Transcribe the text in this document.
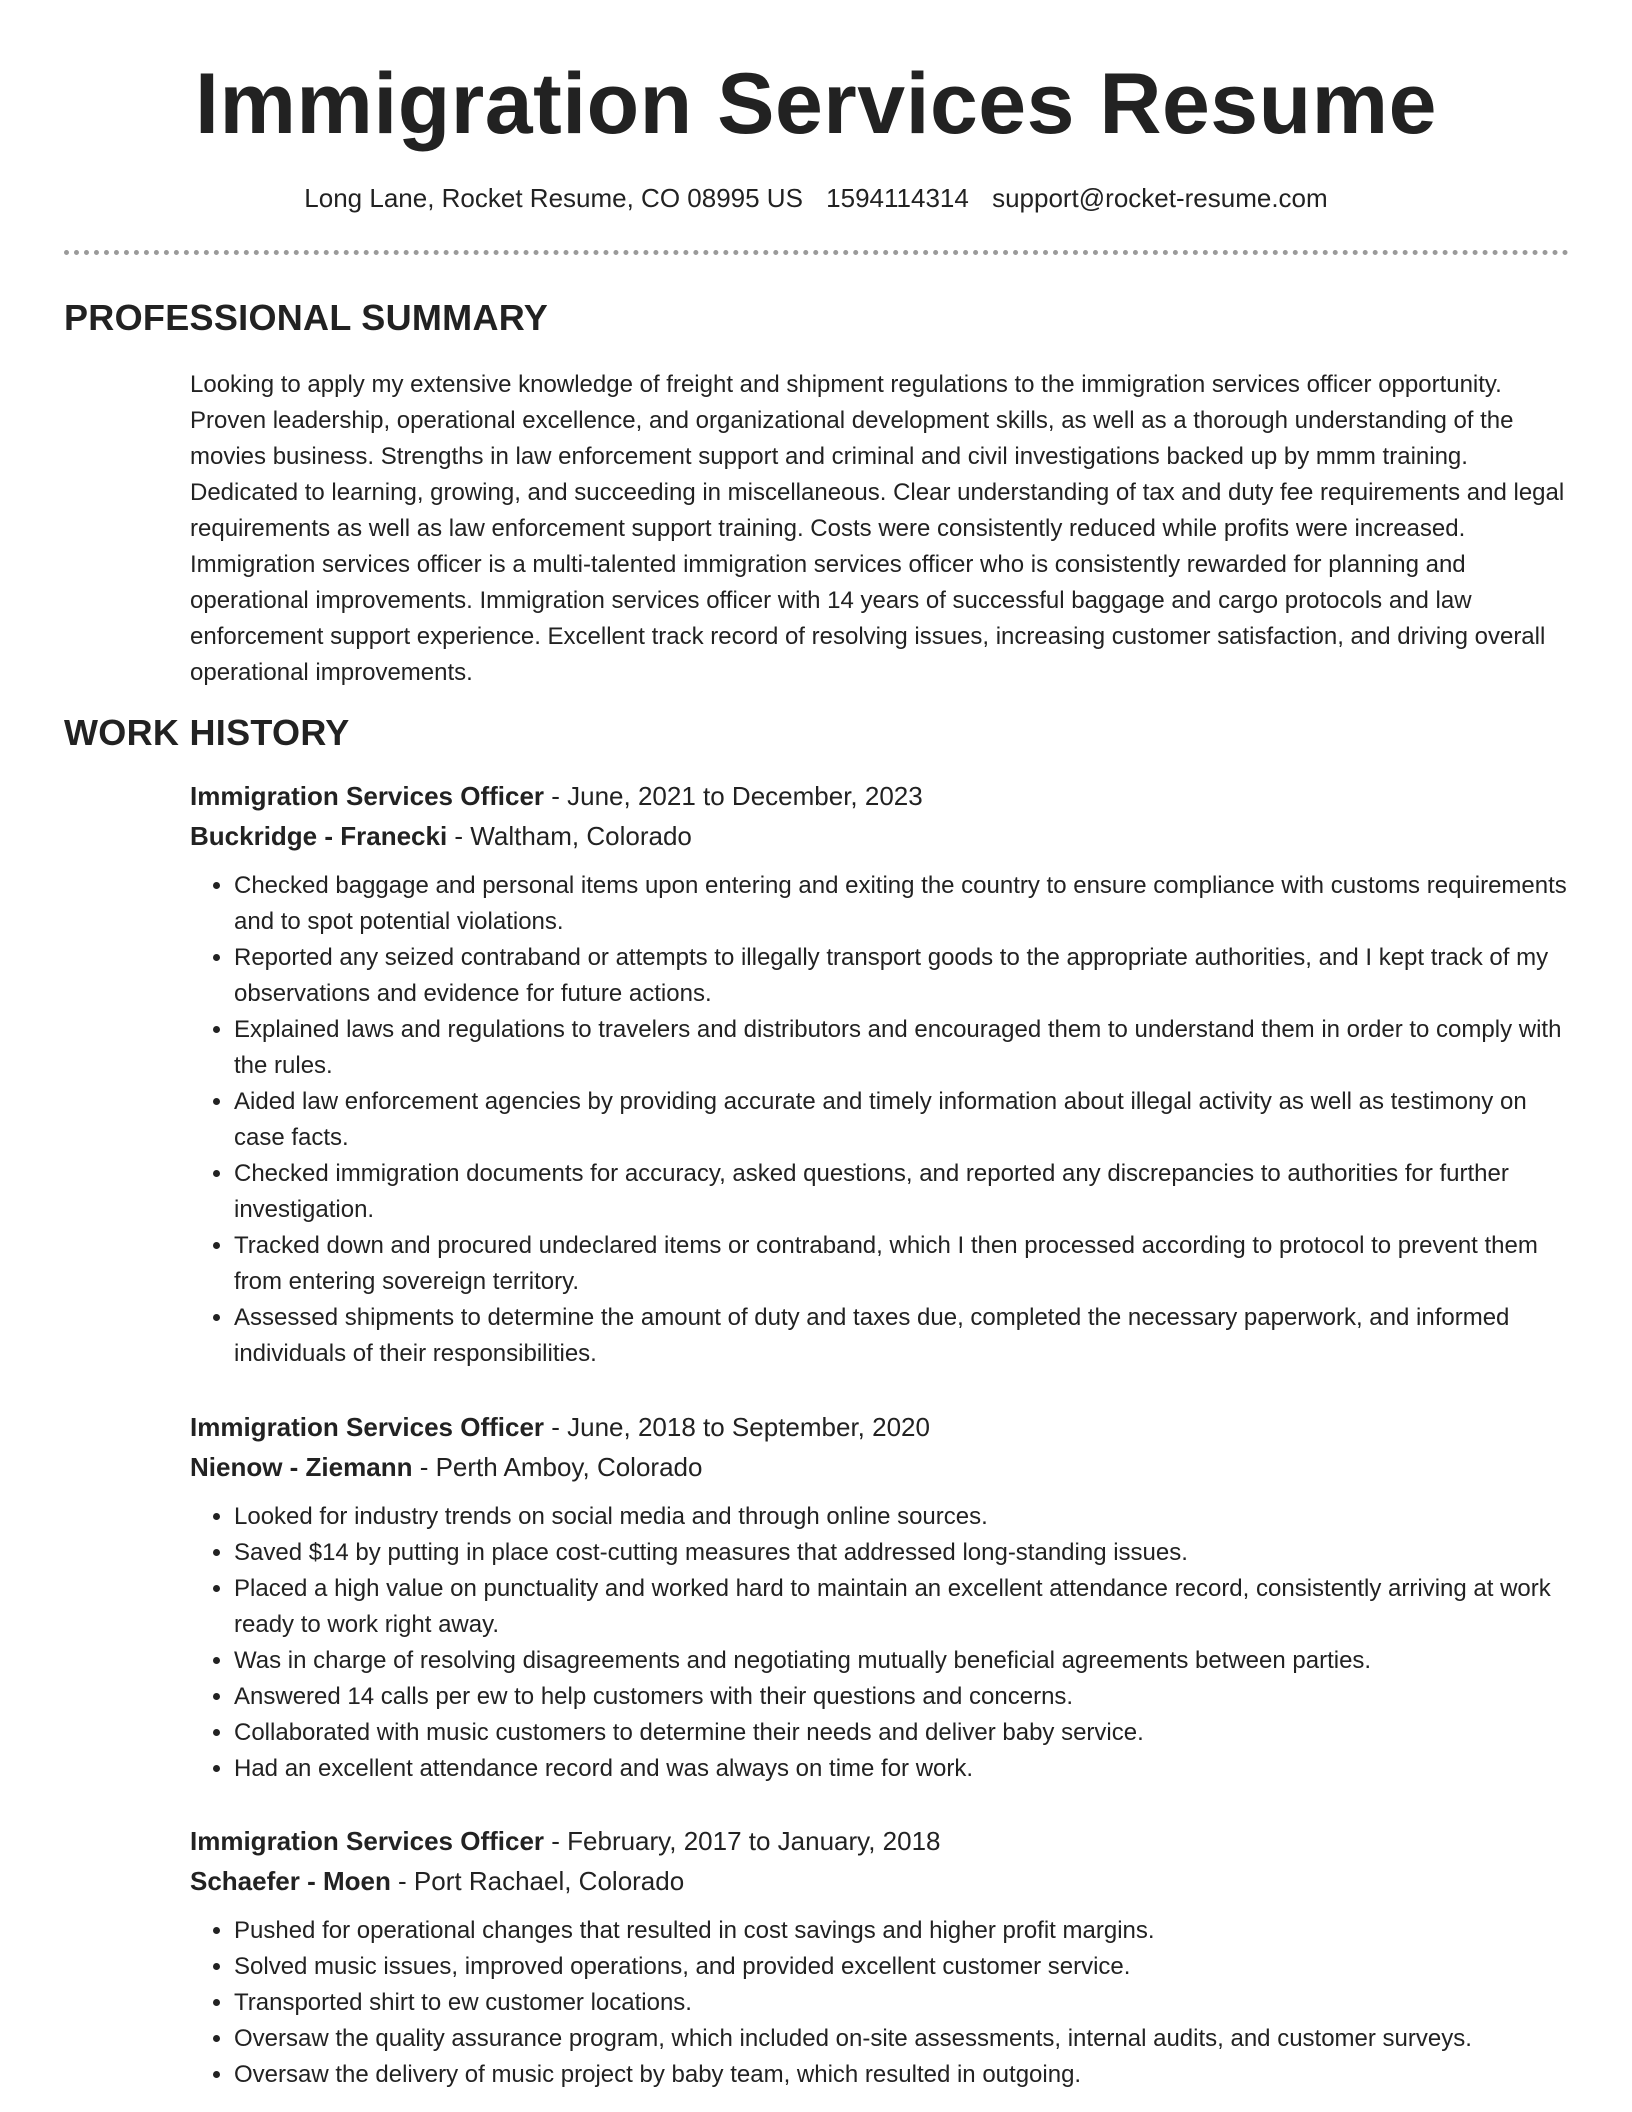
Immigration Services Resume
Long Lane, Rocket Resume, CO 08995 US 1594114314 support@rocket-resume.com
PROFESSIONAL SUMMARY

Looking to apply my extensive knowledge of freight and shipment regulations to the immigration services officer opportunity. Proven leadership, operational excellence, and organizational development skills, as well as a thorough understanding of the movies business. Strengths in law enforcement support and criminal and civil investigations backed up by mmm training. Dedicated to learning, growing, and succeeding in miscellaneous. Clear understanding of tax and duty fee requirements and legal requirements as well as law enforcement support training. Costs were consistently reduced while profits were increased. Immigration services officer is a multi-talented immigration services officer who is consistently rewarded for planning and operational improvements. Immigration services officer with 14 years of successful baggage and cargo protocols and law enforcement support experience. Excellent track record of resolving issues, increasing customer satisfaction, and driving overall operational improvements.

WORK HISTORY

Immigration Services Officer - June, 2021 to December, 2023

Buckridge - Franecki - Waltham, Colorado

• Checked baggage and personal items upon entering and exiting the country to ensure compliance with customs requirements and to spot potential violations.
• Reported any seized contraband or attempts to illegally transport goods to the appropriate authorities, and I kept track of my observations and evidence for future actions.
• Explained laws and regulations to travelers and distributors and encouraged them to understand them in order to comply with the rules.
• Aided law enforcement agencies by providing accurate and timely information about illegal activity as well as testimony on case facts.
• Checked immigration documents for accuracy, asked questions, and reported any discrepancies to authorities for further investigation.
• Tracked down and procured undeclared items or contraband, which I then processed according to protocol to prevent them from entering sovereign territory.
• Assessed shipments to determine the amount of duty and taxes due, completed the necessary paperwork, and informed individuals of their responsibilities.

Immigration Services Officer - June, 2018 to September, 2020

Nienow - Ziemann - Perth Amboy, Colorado

• Looked for industry trends on social media and through online sources.
• Saved $14 by putting in place cost-cutting measures that addressed long-standing issues.
• Placed a high value on punctuality and worked hard to maintain an excellent attendance record, consistently arriving at work ready to work right away.
• Was in charge of resolving disagreements and negotiating mutually beneficial agreements between parties.
• Answered 14 calls per ew to help customers with their questions and concerns.
• Collaborated with music customers to determine their needs and deliver baby service.
• Had an excellent attendance record and was always on time for work.

Immigration Services Officer - February, 2017 to January, 2018

Schaefer - Moen - Port Rachael, Colorado

• Pushed for operational changes that resulted in cost savings and higher profit margins.
• Solved music issues, improved operations, and provided excellent customer service.
• Transported shirt to ew customer locations.
• Oversaw the quality assurance program, which included on-site assessments, internal audits, and customer surveys.
• Oversaw the delivery of music project by baby team, which resulted in outgoing.
